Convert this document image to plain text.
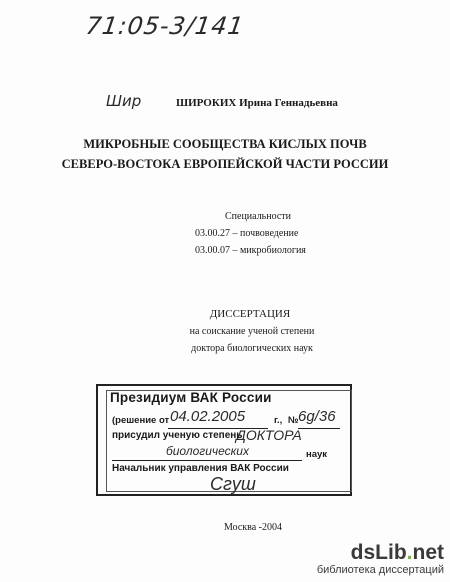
71:05-3/141
Шир	ШИРОКИХ Ирина Геннадьевна
МИКРОБНЫЕ СООБЩЕСТВА КИСЛЫХ ПОЧВ
СЕВЕРО-ВОСТОКА ЕВРОПЕЙСКОЙ ЧАСТИ РОССИИ
Специальности
03.00.27 – почвоведение
03.00.07 – микробиология
ДИССЕРТАЦИЯ
на соискание ученой степени
доктора биологических наук
Президиум ВАК России
(решение от 04.02.2005	г., № 6g/36
присудил ученую степень
ДОКТОРА
биологических	наук
Начальник управления ВАК России
Сгуш
Москва -2004
dsLib.net
библиотека диссертаций
